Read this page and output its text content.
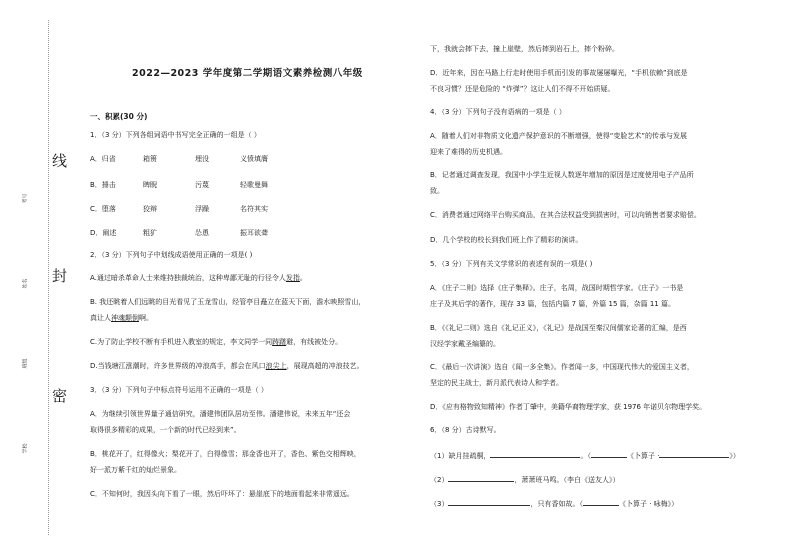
线
封
密
考号
姓名
班级
学校
2022—2023 学年度第二学期语文素养检测八年级
一、积累(30 分)
1．（3 分）下列各组词语中书写完全正确的一组是（ ）
A．归省	箱篑	埋没	义愤填膺
B．捶击	睥睨	污蔑	轻歌曼舞
C．堕落	狡辩	浮躁	名符其实
D．阐述	粗犷	怂恿	振耳欲聋
2．（3 分）下列句子中划线成语使用正确的一项是( )
A.通过暗杀革命人士来维持独裁统治，这种卑鄙无耻的行径令人发指。
B. 我还眺着人们远眺的目光看见了玉龙雪山，经管亭目矗立在蓝天下面，澹水映照雪山，
真让人神魂颠倒啊。
C.为了防止学校不断有手机进入教室的规定，李文同学一同踌躇避，有线被处分。
D.当钱塘江涨潮时，许多世界级的冲浪高手，都会在风口浪尖上，展现高超的冲浪技艺。
3．（3 分）下列句子中标点符号运用不正确的一项是（ ）
A．为继续引领世界量子通信研究，潘建伟团队居功至伟。潘建伟说，未来五年“还会
取得很多精彩的成果，一个新的时代已经到来”。
B．桃花开了，红得像火；梨花开了，白得像雪；那金香也开了，香色、紫色交相辉映，
好一派万紫千红的灿烂景象。
C．不知何时，我因头向下看了一眼，然后吓坏了：悬崖底下的地面看起来非常遥远。
下，我就会摔下去，撞上崖壁，然后摔到岩石上，摔个粉碎。
D．近年来，因在马路上行走时使用手机而引发的事故屡屡曝光，“手机依赖”到底是
不良习惯？还是危险的 “炸弹”？这让人们不得不开始质疑。
4．（3 分）下列句子没有语病的一项是（ ）
A．随着人们对非物质文化遗产保护意识的不断增强，使得“变脸艺术”的传承与发展
迎来了难得的历史机遇。
B．记者通过调查发现，我国中小学生近视人数逐年增加的原因是过度使用电子产品所
致。
C．消费者通过网络平台购买商品，在其合法权益受到损害时，可以向销售者要求赔偿。
D．几个学校的校长到我们班上作了精彩的演讲。
5．（3 分）下列有关文学常识的表述有误的一项是( )
A．《庄子二则》选择《庄子集释》。庄子，名周，战国时期哲学家。《庄子》一书是
庄子及其后学的著作，现存 33 篇，包括内篇 7 篇，外篇 15 篇，杂篇 11 篇。
B．《《礼记二则》选自《礼记正义》，《礼记》是战国至秦汉间儒家论著的汇编，是西
汉经学家戴圣编纂的。
C．《最后一次讲演》选自《闻一多全集》。作者闻一多，中国现代伟大的爱国主义者，
坚定的民主战士，新月派代表诗人和学者。
D．《应有格物致知精神》作者丁肇中，美籍华裔物理学家，获 1976 年诺贝尔物理学奖。
6．（8 分）古诗默写。
（1）缺月挂疏桐，	。（	《卜算子 ·	》）
（2）	，萧萧班马鸣。（李白《送友人》）
（3）	，只有香如故。（	《卜算子 · 咏梅》）
